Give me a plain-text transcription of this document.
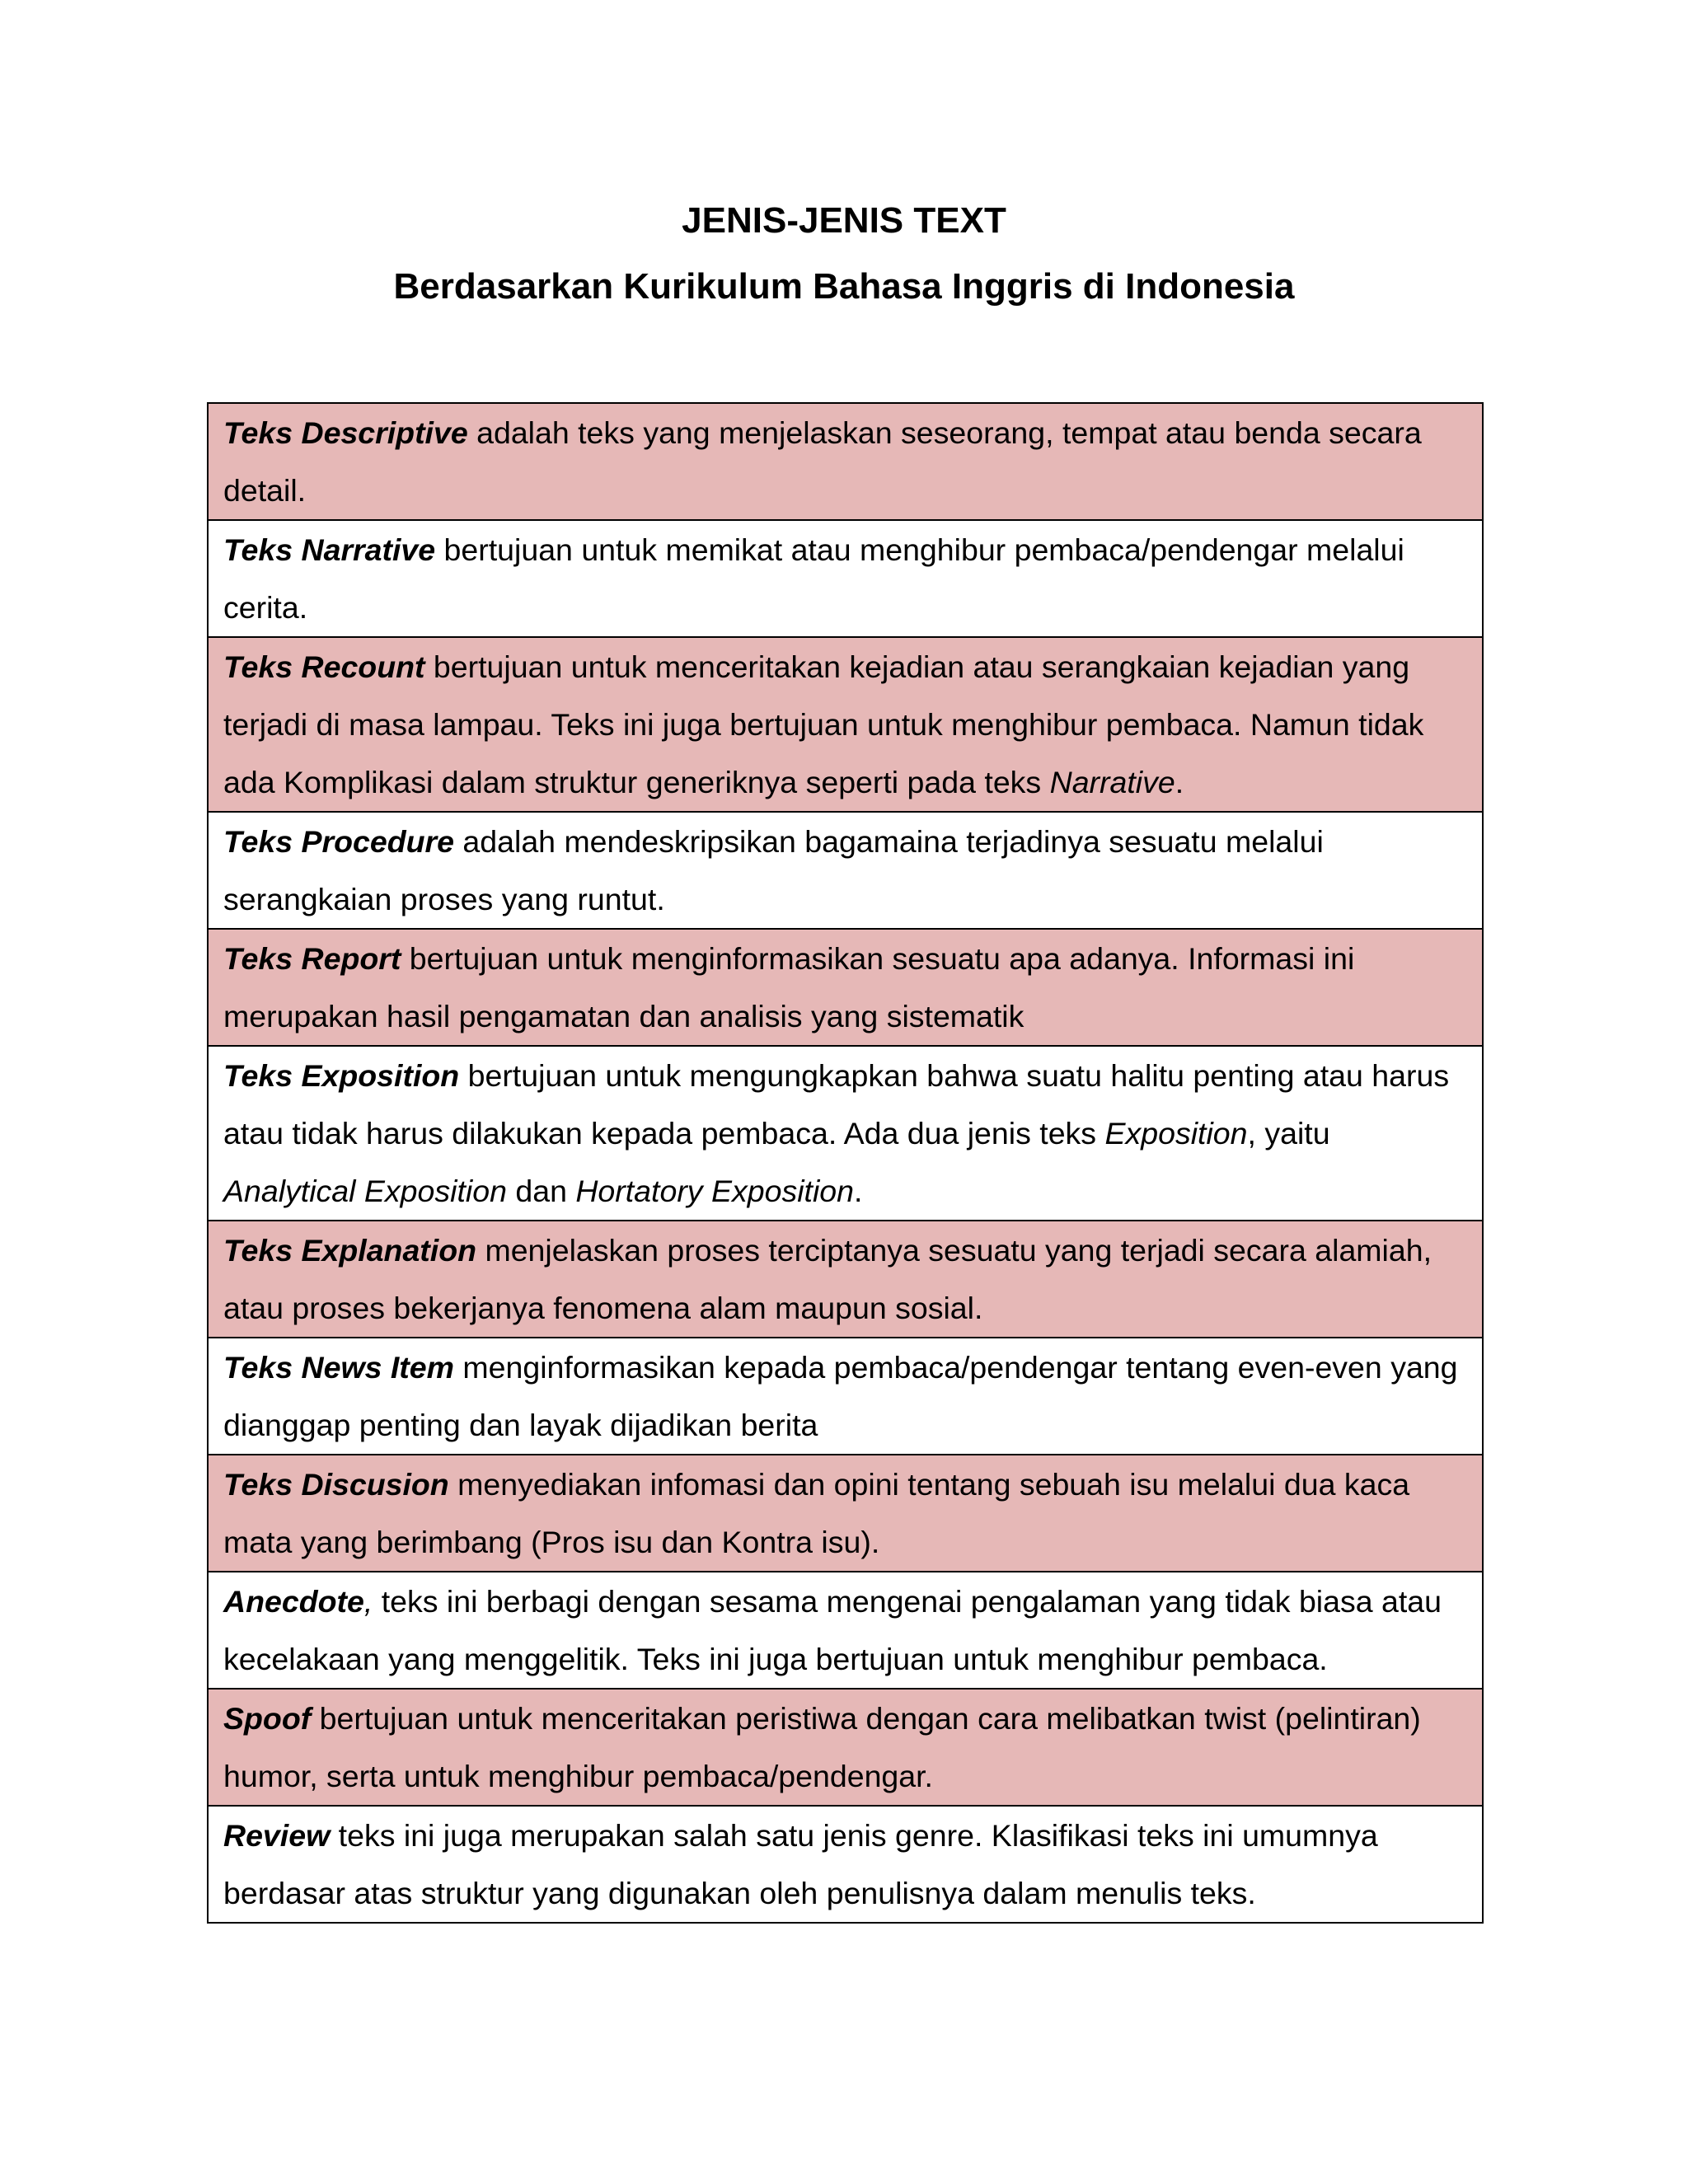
JENIS-JENIS TEXT
Berdasarkan Kurikulum Bahasa Inggris di Indonesia
Teks Descriptive adalah teks yang menjelaskan seseorang, tempat atau benda secara detail.
Teks Narrative bertujuan untuk memikat atau menghibur pembaca/pendengar melalui cerita.
Teks Recount bertujuan untuk menceritakan kejadian atau serangkaian kejadian yang terjadi di masa lampau. Teks ini juga bertujuan untuk menghibur pembaca. Namun tidak ada Komplikasi dalam struktur generiknya seperti pada teks Narrative.
Teks Procedure adalah mendeskripsikan bagamaina terjadinya sesuatu melalui serangkaian proses yang runtut.
Teks Report bertujuan untuk menginformasikan sesuatu apa adanya. Informasi ini merupakan hasil pengamatan dan analisis yang sistematik
Teks Exposition bertujuan untuk mengungkapkan bahwa suatu halitu penting atau harus atau tidak harus dilakukan kepada pembaca. Ada dua jenis teks Exposition, yaitu Analytical Exposition dan Hortatory Exposition.
Teks Explanation menjelaskan proses terciptanya sesuatu yang terjadi secara alamiah, atau proses bekerjanya fenomena alam maupun sosial.
Teks News Item menginformasikan kepada pembaca/pendengar tentang even-even yang dianggap penting dan layak dijadikan berita
Teks Discusion menyediakan infomasi dan opini tentang sebuah isu melalui dua kaca mata yang berimbang (Pros isu dan Kontra isu).
Anecdote, teks ini berbagi dengan sesama mengenai pengalaman yang tidak biasa atau kecelakaan yang menggelitik. Teks ini juga bertujuan untuk menghibur pembaca.
Spoof bertujuan untuk menceritakan peristiwa dengan cara melibatkan twist (pelintiran) humor, serta untuk menghibur pembaca/pendengar.
Review teks ini juga merupakan salah satu jenis genre. Klasifikasi teks ini umumnya berdasar atas struktur yang digunakan oleh penulisnya dalam menulis teks.
